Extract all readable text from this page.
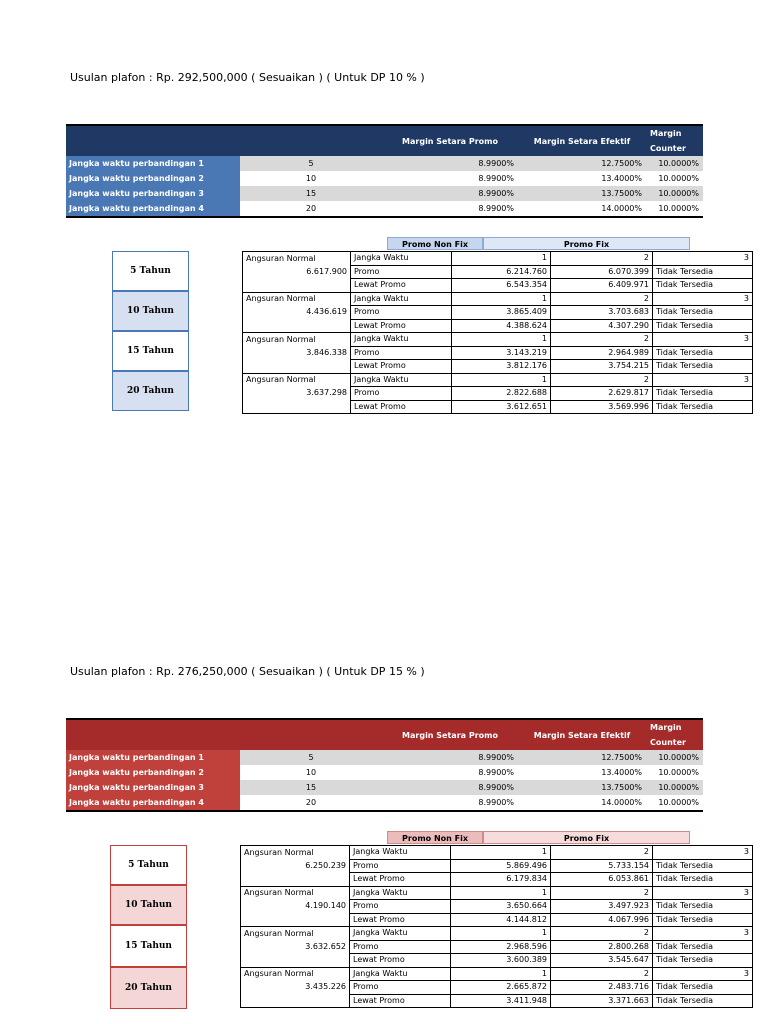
Usulan plafon : Rp. 292,500,000 ( Sesuaikan ) ( Untuk DP 10 % )
		Margin Setara Promo	Margin Setara Efektif	Margin Counter
Jangka waktu perbandingan 1	5	8.9900%	12.7500%	10.0000%
Jangka waktu perbandingan 2	10	8.9900%	13.4000%	10.0000%
Jangka waktu perbandingan 3	15	8.9900%	13.7500%	10.0000%
Jangka waktu perbandingan 4	20	8.9900%	14.0000%	10.0000%
5 Tahun
10 Tahun
15 Tahun
20 Tahun
Promo Non Fix	Promo Fix
Angsuran Normal	Jangka Waktu	1	2	3
6.617.900	Promo	6.214.760	6.070.399	Tidak Tersedia
	Lewat Promo	6.543.354	6.409.971	Tidak Tersedia
Angsuran Normal	Jangka Waktu	1	2	3
4.436.619	Promo	3.865.409	3.703.683	Tidak Tersedia
	Lewat Promo	4.388.624	4.307.290	Tidak Tersedia
Angsuran Normal	Jangka Waktu	1	2	3
3.846.338	Promo	3.143.219	2.964.989	Tidak Tersedia
	Lewat Promo	3.812.176	3.754.215	Tidak Tersedia
Angsuran Normal	Jangka Waktu	1	2	3
3.637.298	Promo	2.822.688	2.629.817	Tidak Tersedia
	Lewat Promo	3.612.651	3.569.996	Tidak Tersedia
Usulan plafon : Rp. 276,250,000 ( Sesuaikan ) ( Untuk DP 15 % )
		Margin Setara Promo	Margin Setara Efektif	Margin Counter
Jangka waktu perbandingan 1	5	8.9900%	12.7500%	10.0000%
Jangka waktu perbandingan 2	10	8.9900%	13.4000%	10.0000%
Jangka waktu perbandingan 3	15	8.9900%	13.7500%	10.0000%
Jangka waktu perbandingan 4	20	8.9900%	14.0000%	10.0000%
5 Tahun
10 Tahun
15 Tahun
20 Tahun
Promo Non Fix	Promo Fix
Angsuran Normal	Jangka Waktu	1	2	3
6.250.239	Promo	5.869.496	5.733.154	Tidak Tersedia
	Lewat Promo	6.179.834	6.053.861	Tidak Tersedia
Angsuran Normal	Jangka Waktu	1	2	3
4.190.140	Promo	3.650.664	3.497.923	Tidak Tersedia
	Lewat Promo	4.144.812	4.067.996	Tidak Tersedia
Angsuran Normal	Jangka Waktu	1	2	3
3.632.652	Promo	2.968.596	2.800.268	Tidak Tersedia
	Lewat Promo	3.600.389	3.545.647	Tidak Tersedia
Angsuran Normal	Jangka Waktu	1	2	3
3.435.226	Promo	2.665.872	2.483.716	Tidak Tersedia
	Lewat Promo	3.411.948	3.371.663	Tidak Tersedia
